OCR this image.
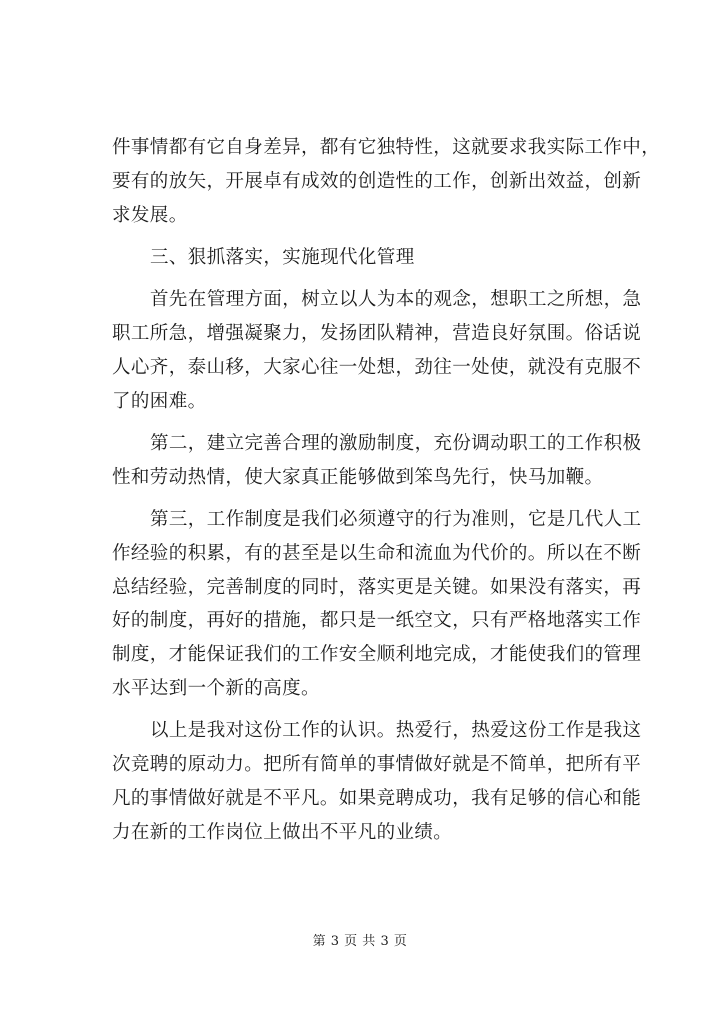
件事情都有它自身差异，都有它独特性，这就要求我实际工作中，
要有的放矢，开展卓有成效的创造性的工作，创新出效益，创新
求发展。
三、狠抓落实，实施现代化管理
首先在管理方面，树立以人为本的观念，想职工之所想，急
职工所急，增强凝聚力，发扬团队精神，营造良好氛围。俗话说
人心齐，泰山移，大家心往一处想，劲往一处使，就没有克服不
了的困难。
第二，建立完善合理的激励制度，充份调动职工的工作积极
性和劳动热情，使大家真正能够做到笨鸟先行，快马加鞭。
第三，工作制度是我们必须遵守的行为准则，它是几代人工
作经验的积累，有的甚至是以生命和流血为代价的。所以在不断
总结经验，完善制度的同时，落实更是关键。如果没有落实，再
好的制度，再好的措施，都只是一纸空文，只有严格地落实工作
制度，才能保证我们的工作安全顺利地完成，才能使我们的管理
水平达到一个新的高度。
以上是我对这份工作的认识。热爱行，热爱这份工作是我这
次竞聘的原动力。把所有简单的事情做好就是不简单，把所有平
凡的事情做好就是不平凡。如果竞聘成功，我有足够的信心和能
力在新的工作岗位上做出不平凡的业绩。
第 3 页 共 3 页
